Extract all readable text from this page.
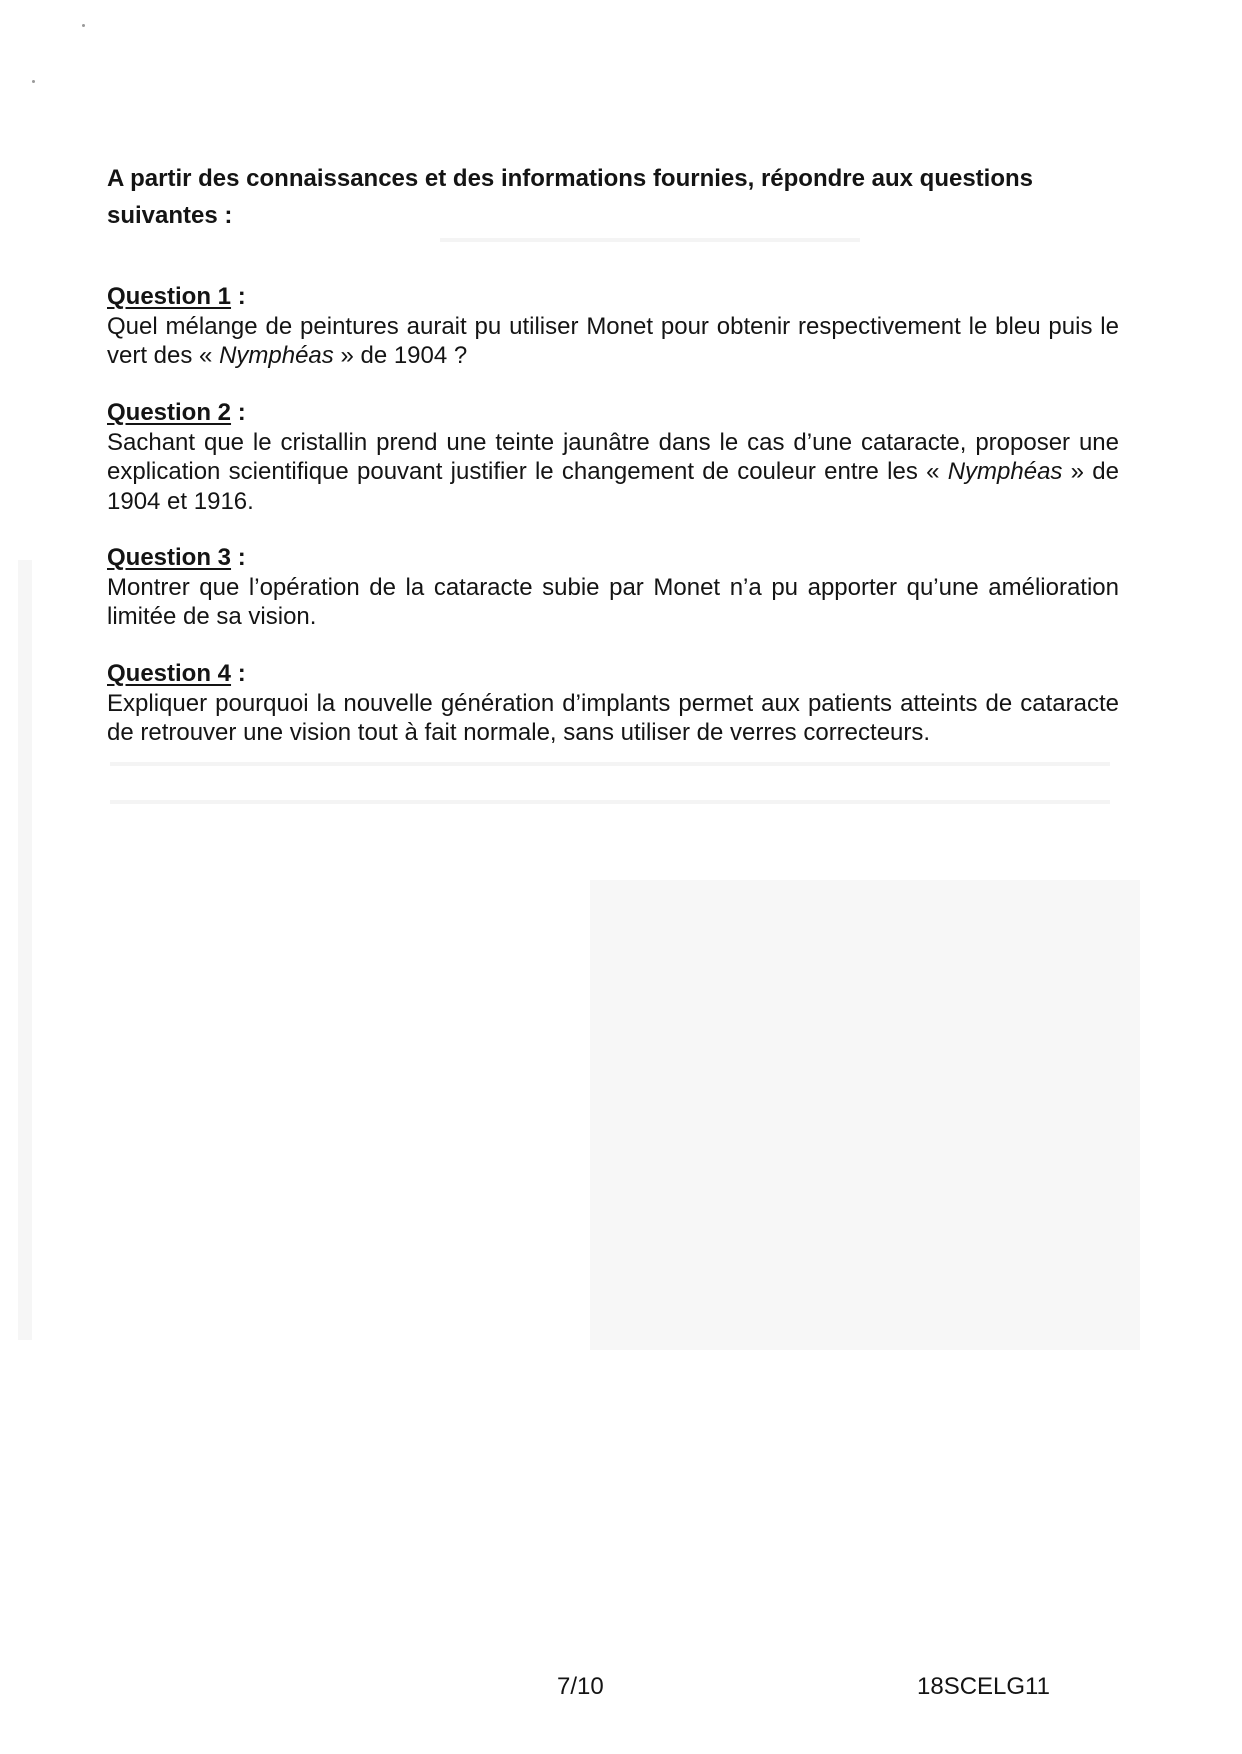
A partir des connaissances et des informations fournies, répondre aux questions suivantes :

Question 1 :

Quel mélange de peintures aurait pu utiliser Monet pour obtenir respectivement le bleu puis le vert des « Nymphéas » de 1904 ?

Question 2 :

Sachant que le cristallin prend une teinte jaunâtre dans le cas d’une cataracte, proposer une explication scientifique pouvant justifier le changement de couleur entre les « Nymphéas » de 1904 et 1916.

Question 3 :

Montrer que l’opération de la cataracte subie par Monet n’a pu apporter qu’une amélioration limitée de sa vision.

Question 4 :

Expliquer pourquoi la nouvelle génération d’implants permet aux patients atteints de cataracte de retrouver une vision tout à fait normale, sans utiliser de verres correcteurs.

7/10	18SCELG11
